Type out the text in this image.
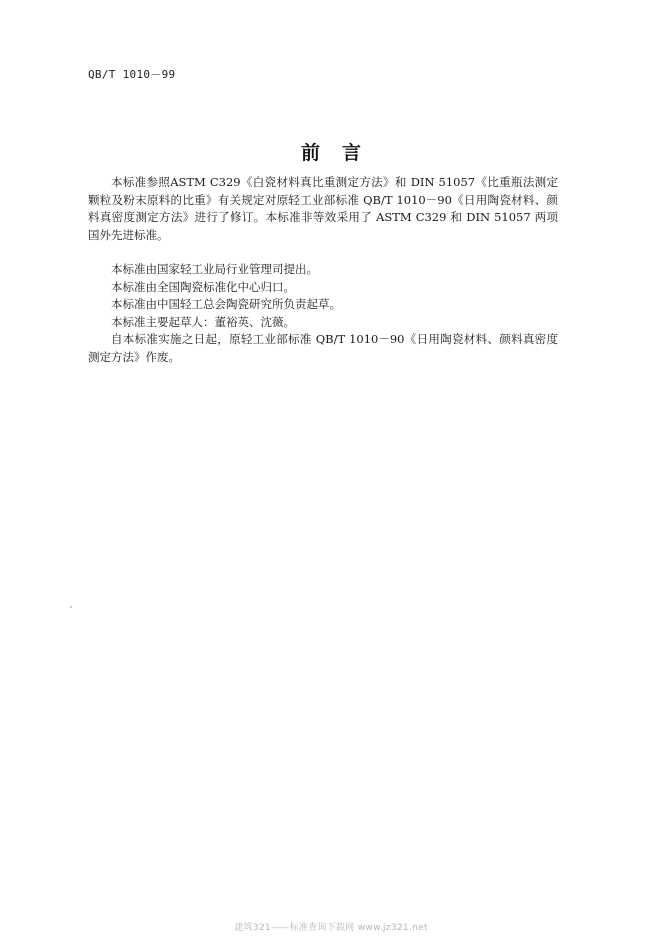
QB/T 1010－99
前言

本标准参照ASTM C329《白瓷材料真比重测定方法》和 DIN 51057《比重瓶法测定颗粒及粉末原料的比重》有关规定对原轻工业部标准 QB/T 1010－90《日用陶瓷材料、颜料真密度测定方法》进行了修订。本标准非等效采用了 ASTM C329 和 DIN 51057 两项国外先进标准。

本标准由国家轻工业局行业管理司提出。

本标准由全国陶瓷标准化中心归口。

本标准由中国轻工总会陶瓷研究所负责起草。

本标准主要起草人：董裕英、沈薇。

自本标准实施之日起，原轻工业部标准 QB/T 1010－90《日用陶瓷材料、颜料真密度测定方法》作废。

建筑321——标准查询下载网 www.jz321.net
